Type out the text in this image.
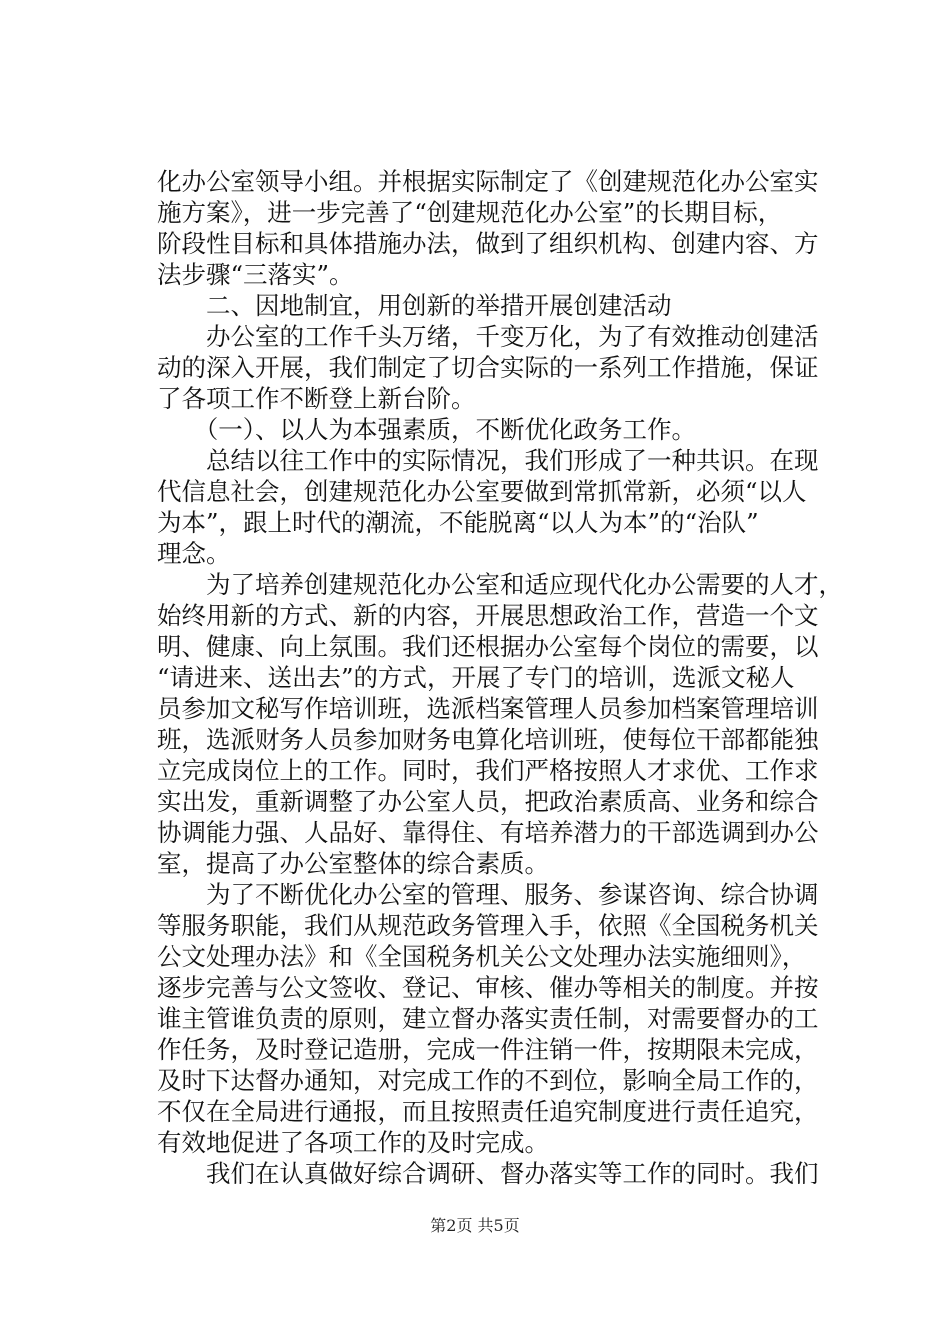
化办公室领导小组。并根据实际制定了《创建规范化办公室实
施方案》，进一步完善了“创建规范化办公室”的长期目标，
阶段性目标和具体措施办法，做到了组织机构、创建内容、方
法步骤“三落实”。
　　二、因地制宜，用创新的举措开展创建活动
　　办公室的工作千头万绪，千变万化，为了有效推动创建活
动的深入开展，我们制定了切合实际的一系列工作措施，保证
了各项工作不断登上新台阶。
　　（一）、以人为本强素质，不断优化政务工作。
　　总结以往工作中的实际情况，我们形成了一种共识。在现
代信息社会，创建规范化办公室要做到常抓常新，必须“以人
为本”，跟上时代的潮流，不能脱离“以人为本”的“治队”
理念。
　　为了培养创建规范化办公室和适应现代化办公需要的人才，
始终用新的方式、新的内容，开展思想政治工作，营造一个文
明、健康、向上氛围。我们还根据办公室每个岗位的需要，以
“请进来、送出去”的方式，开展了专门的培训，选派文秘人
员参加文秘写作培训班，选派档案管理人员参加档案管理培训
班，选派财务人员参加财务电算化培训班，使每位干部都能独
立完成岗位上的工作。同时，我们严格按照人才求优、工作求
实出发，重新调整了办公室人员，把政治素质高、业务和综合
协调能力强、人品好、靠得住、有培养潜力的干部选调到办公
室，提高了办公室整体的综合素质。
　　为了不断优化办公室的管理、服务、参谋咨询、综合协调
等服务职能，我们从规范政务管理入手，依照《全国税务机关
公文处理办法》和《全国税务机关公文处理办法实施细则》，
逐步完善与公文签收、登记、审核、催办等相关的制度。并按
谁主管谁负责的原则，建立督办落实责任制，对需要督办的工
作任务，及时登记造册，完成一件注销一件，按期限未完成，
及时下达督办通知，对完成工作的不到位，影响全局工作的，
不仅在全局进行通报，而且按照责任追究制度进行责任追究，
有效地促进了各项工作的及时完成。
　　我们在认真做好综合调研、督办落实等工作的同时。我们
第2页 共5页
